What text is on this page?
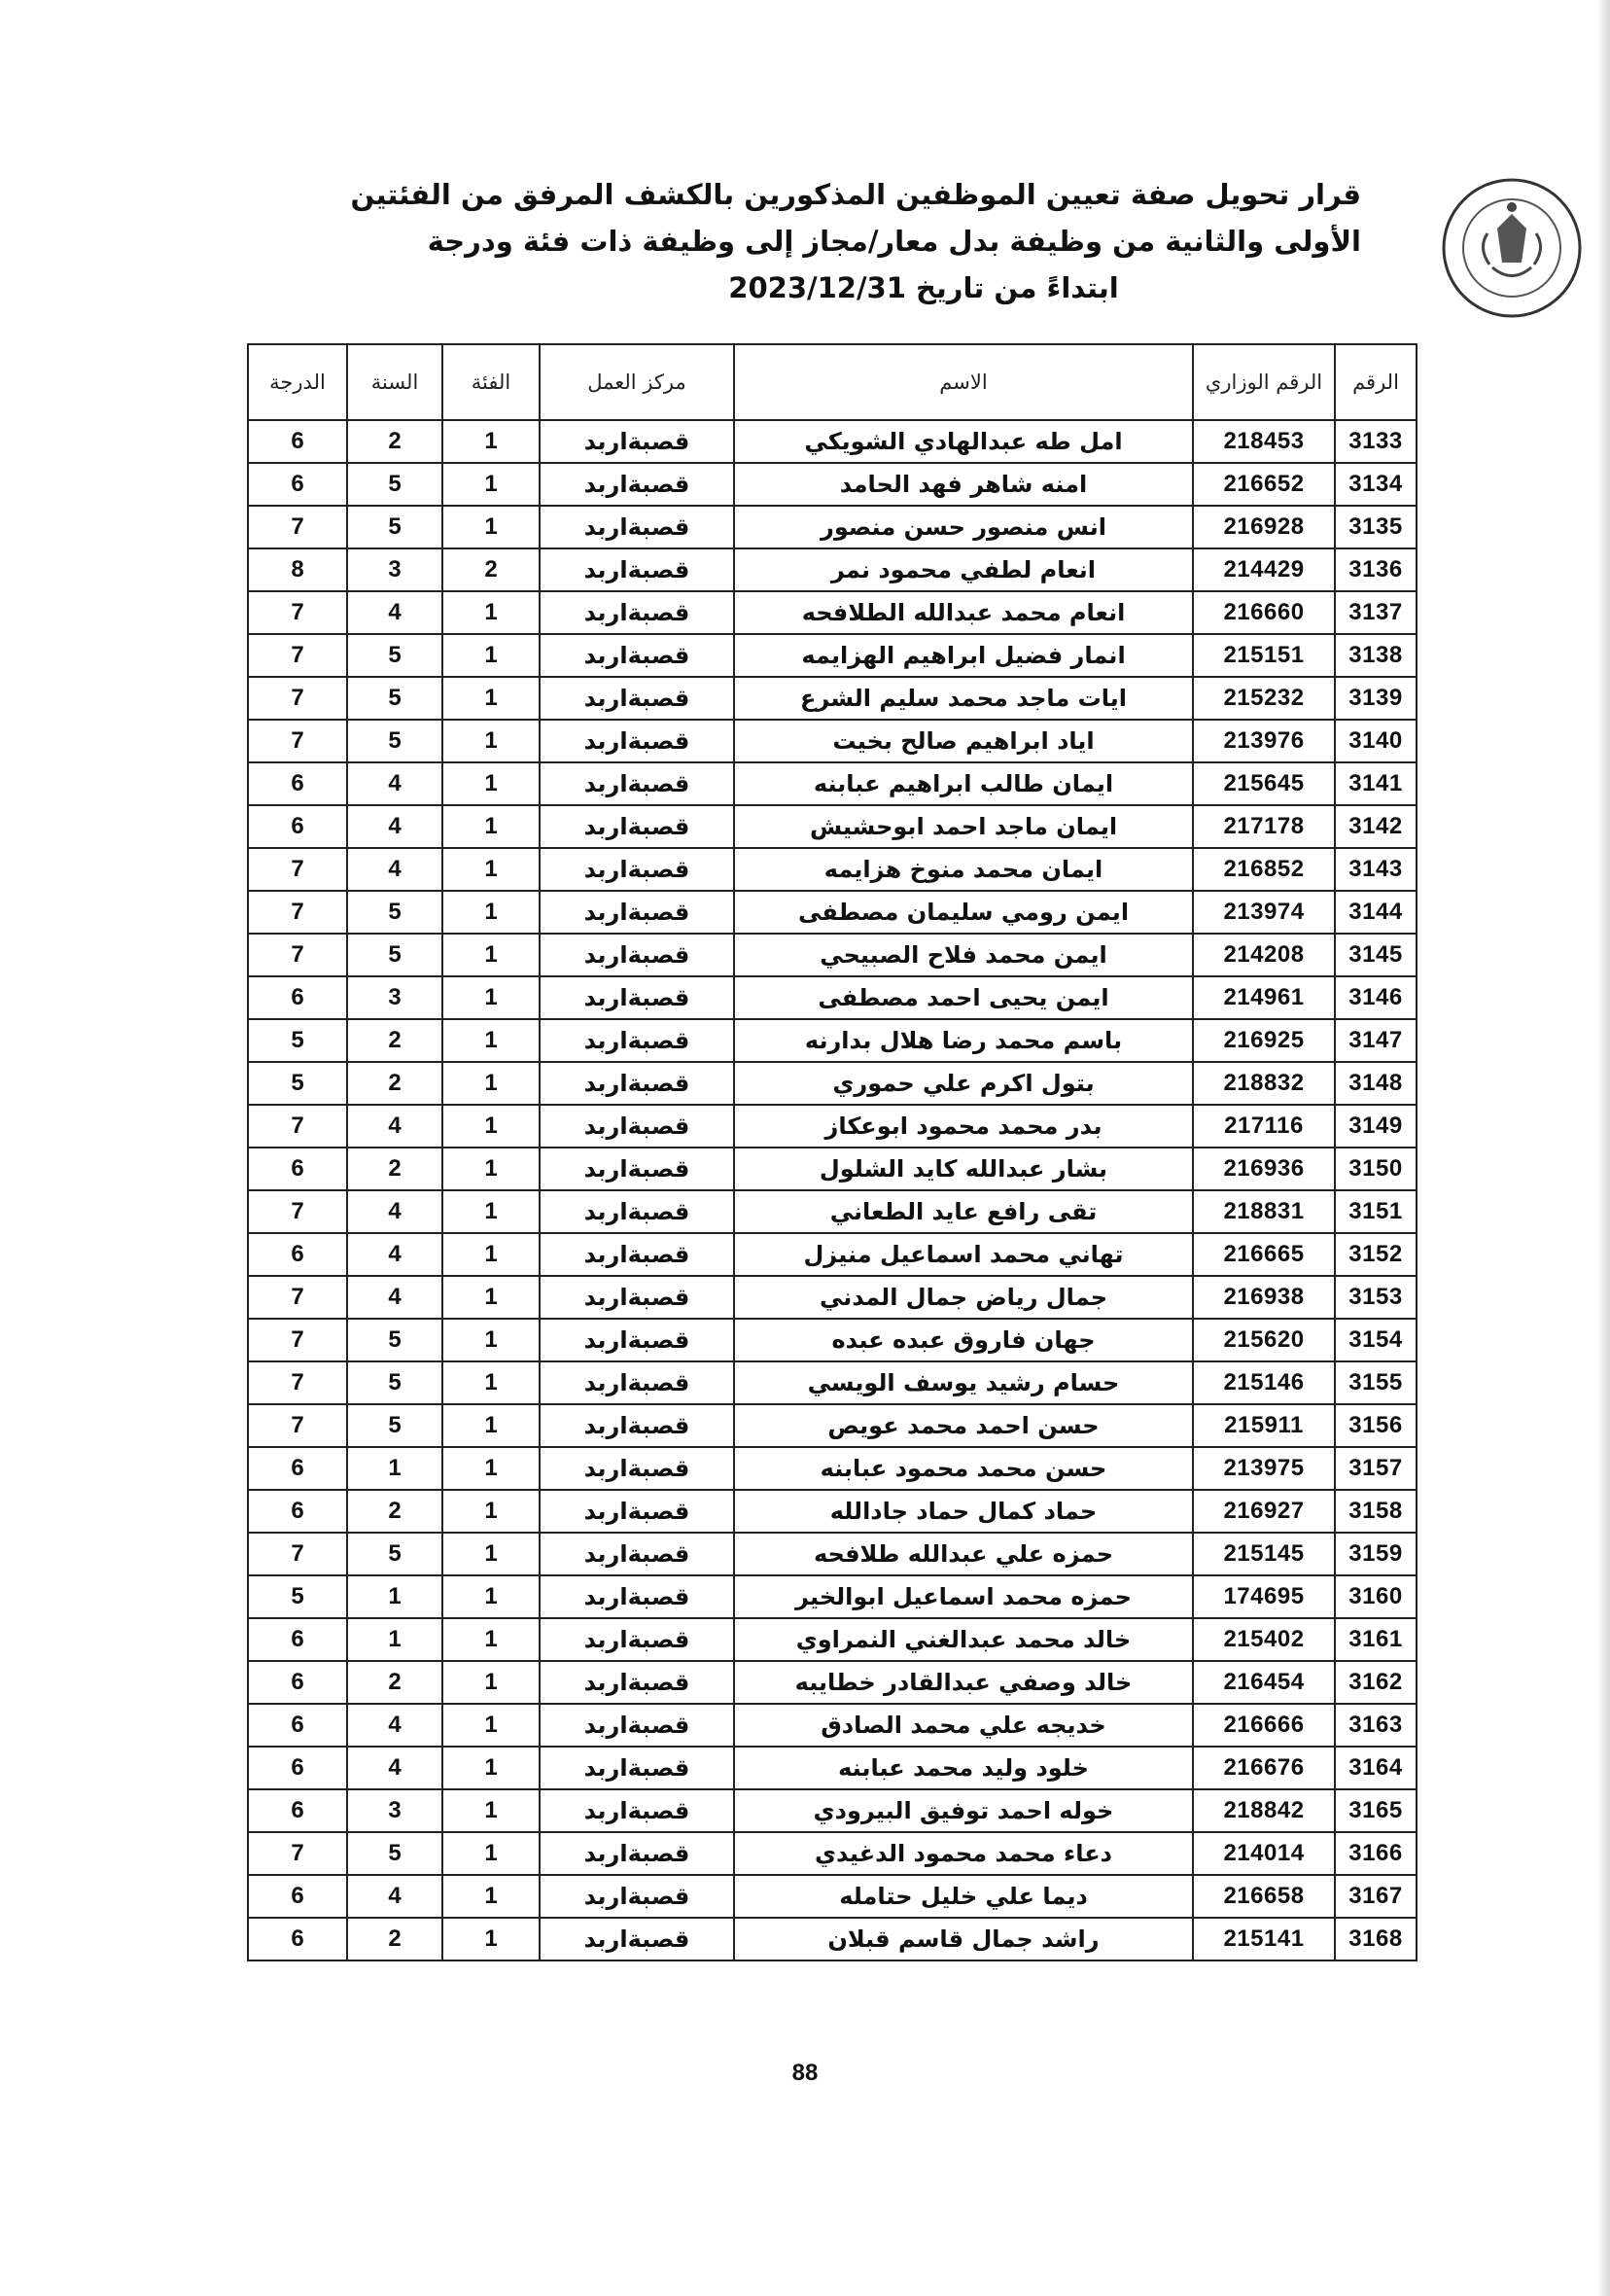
قرار تحويل صفة تعيين الموظفين المذكورين بالكشف المرفق من الفئتين
الأولى والثانية من وظيفة بدل معار/مجاز إلى وظيفة ذات فئة ودرجة
ابتداءً من تاريخ 2023/12/31
الرقم	الرقم الوزاري	الاسم	مركز العمل	الفئة	السنة	الدرجة
3133	218453	امل طه عبدالهادي الشويكي	قصبةاربد	1	2	6
3134	216652	امنه شاهر فهد الحامد	قصبةاربد	1	5	6
3135	216928	انس منصور حسن منصور	قصبةاربد	1	5	7
3136	214429	انعام لطفي محمود نمر	قصبةاربد	2	3	8
3137	216660	انعام محمد عبدالله الطلافحه	قصبةاربد	1	4	7
3138	215151	انمار فضيل ابراهيم الهزايمه	قصبةاربد	1	5	7
3139	215232	ايات ماجد محمد سليم الشرع	قصبةاربد	1	5	7
3140	213976	اياد ابراهيم صالح بخيت	قصبةاربد	1	5	7
3141	215645	ايمان طالب ابراهيم عبابنه	قصبةاربد	1	4	6
3142	217178	ايمان ماجد احمد ابوحشيش	قصبةاربد	1	4	6
3143	216852	ايمان محمد منوخ هزايمه	قصبةاربد	1	4	7
3144	213974	ايمن رومي سليمان مصطفى	قصبةاربد	1	5	7
3145	214208	ايمن محمد فلاح الصبيحي	قصبةاربد	1	5	7
3146	214961	ايمن يحيى احمد مصطفى	قصبةاربد	1	3	6
3147	216925	باسم محمد رضا هلال بدارنه	قصبةاربد	1	2	5
3148	218832	بتول اكرم علي حموري	قصبةاربد	1	2	5
3149	217116	بدر محمد محمود ابوعكاز	قصبةاربد	1	4	7
3150	216936	بشار عبدالله كايد الشلول	قصبةاربد	1	2	6
3151	218831	تقى رافع عايد الطعاني	قصبةاربد	1	4	7
3152	216665	تهاني محمد اسماعيل منيزل	قصبةاربد	1	4	6
3153	216938	جمال رياض جمال المدني	قصبةاربد	1	4	7
3154	215620	جهان فاروق عبده عبده	قصبةاربد	1	5	7
3155	215146	حسام رشيد يوسف الويسي	قصبةاربد	1	5	7
3156	215911	حسن احمد محمد عويص	قصبةاربد	1	5	7
3157	213975	حسن محمد محمود عبابنه	قصبةاربد	1	1	6
3158	216927	حماد كمال حماد جادالله	قصبةاربد	1	2	6
3159	215145	حمزه علي عبدالله طلافحه	قصبةاربد	1	5	7
3160	174695	حمزه محمد اسماعيل ابوالخير	قصبةاربد	1	1	5
3161	215402	خالد محمد عبدالغني النمراوي	قصبةاربد	1	1	6
3162	216454	خالد وصفي عبدالقادر خطايبه	قصبةاربد	1	2	6
3163	216666	خديجه علي محمد الصادق	قصبةاربد	1	4	6
3164	216676	خلود وليد محمد عبابنه	قصبةاربد	1	4	6
3165	218842	خوله احمد توفيق البيرودي	قصبةاربد	1	3	6
3166	214014	دعاء محمد محمود الدغيدي	قصبةاربد	1	5	7
3167	216658	ديما علي خليل حتامله	قصبةاربد	1	4	6
3168	215141	راشد جمال قاسم قبلان	قصبةاربد	1	2	6
88
